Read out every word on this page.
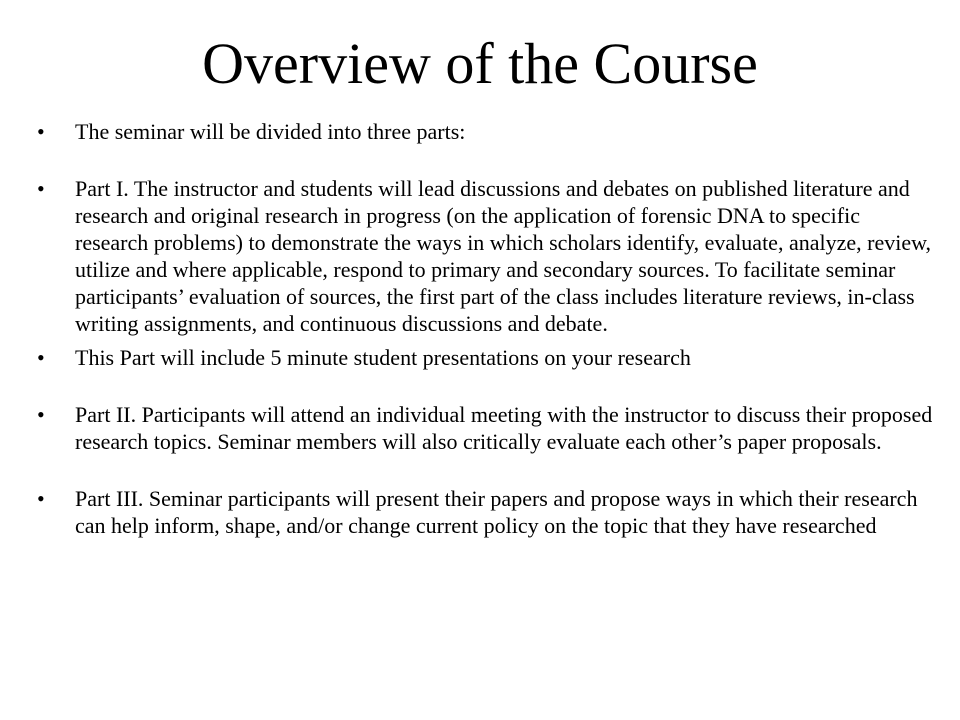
Overview of the Course
•	The seminar will be divided into three parts:
•	Part I. The instructor and students will lead discussions and debates on published literature and research and original research in progress (on the application of forensic DNA to specific research problems) to demonstrate the ways in which scholars identify, evaluate, analyze, review, utilize and where applicable, respond to primary and secondary sources. To facilitate seminar participants’ evaluation of sources, the first part of the class includes literature reviews, in-class writing assignments, and continuous discussions and debate.
•	This Part will include 5 minute student presentations on your research
•	Part II. Participants will attend an individual meeting with the instructor to discuss their proposed research topics. Seminar members will also critically evaluate each other’s paper proposals.
•	Part III. Seminar participants will present their papers and propose ways in which their research can help inform, shape, and/or change current policy on the topic that they have researched
